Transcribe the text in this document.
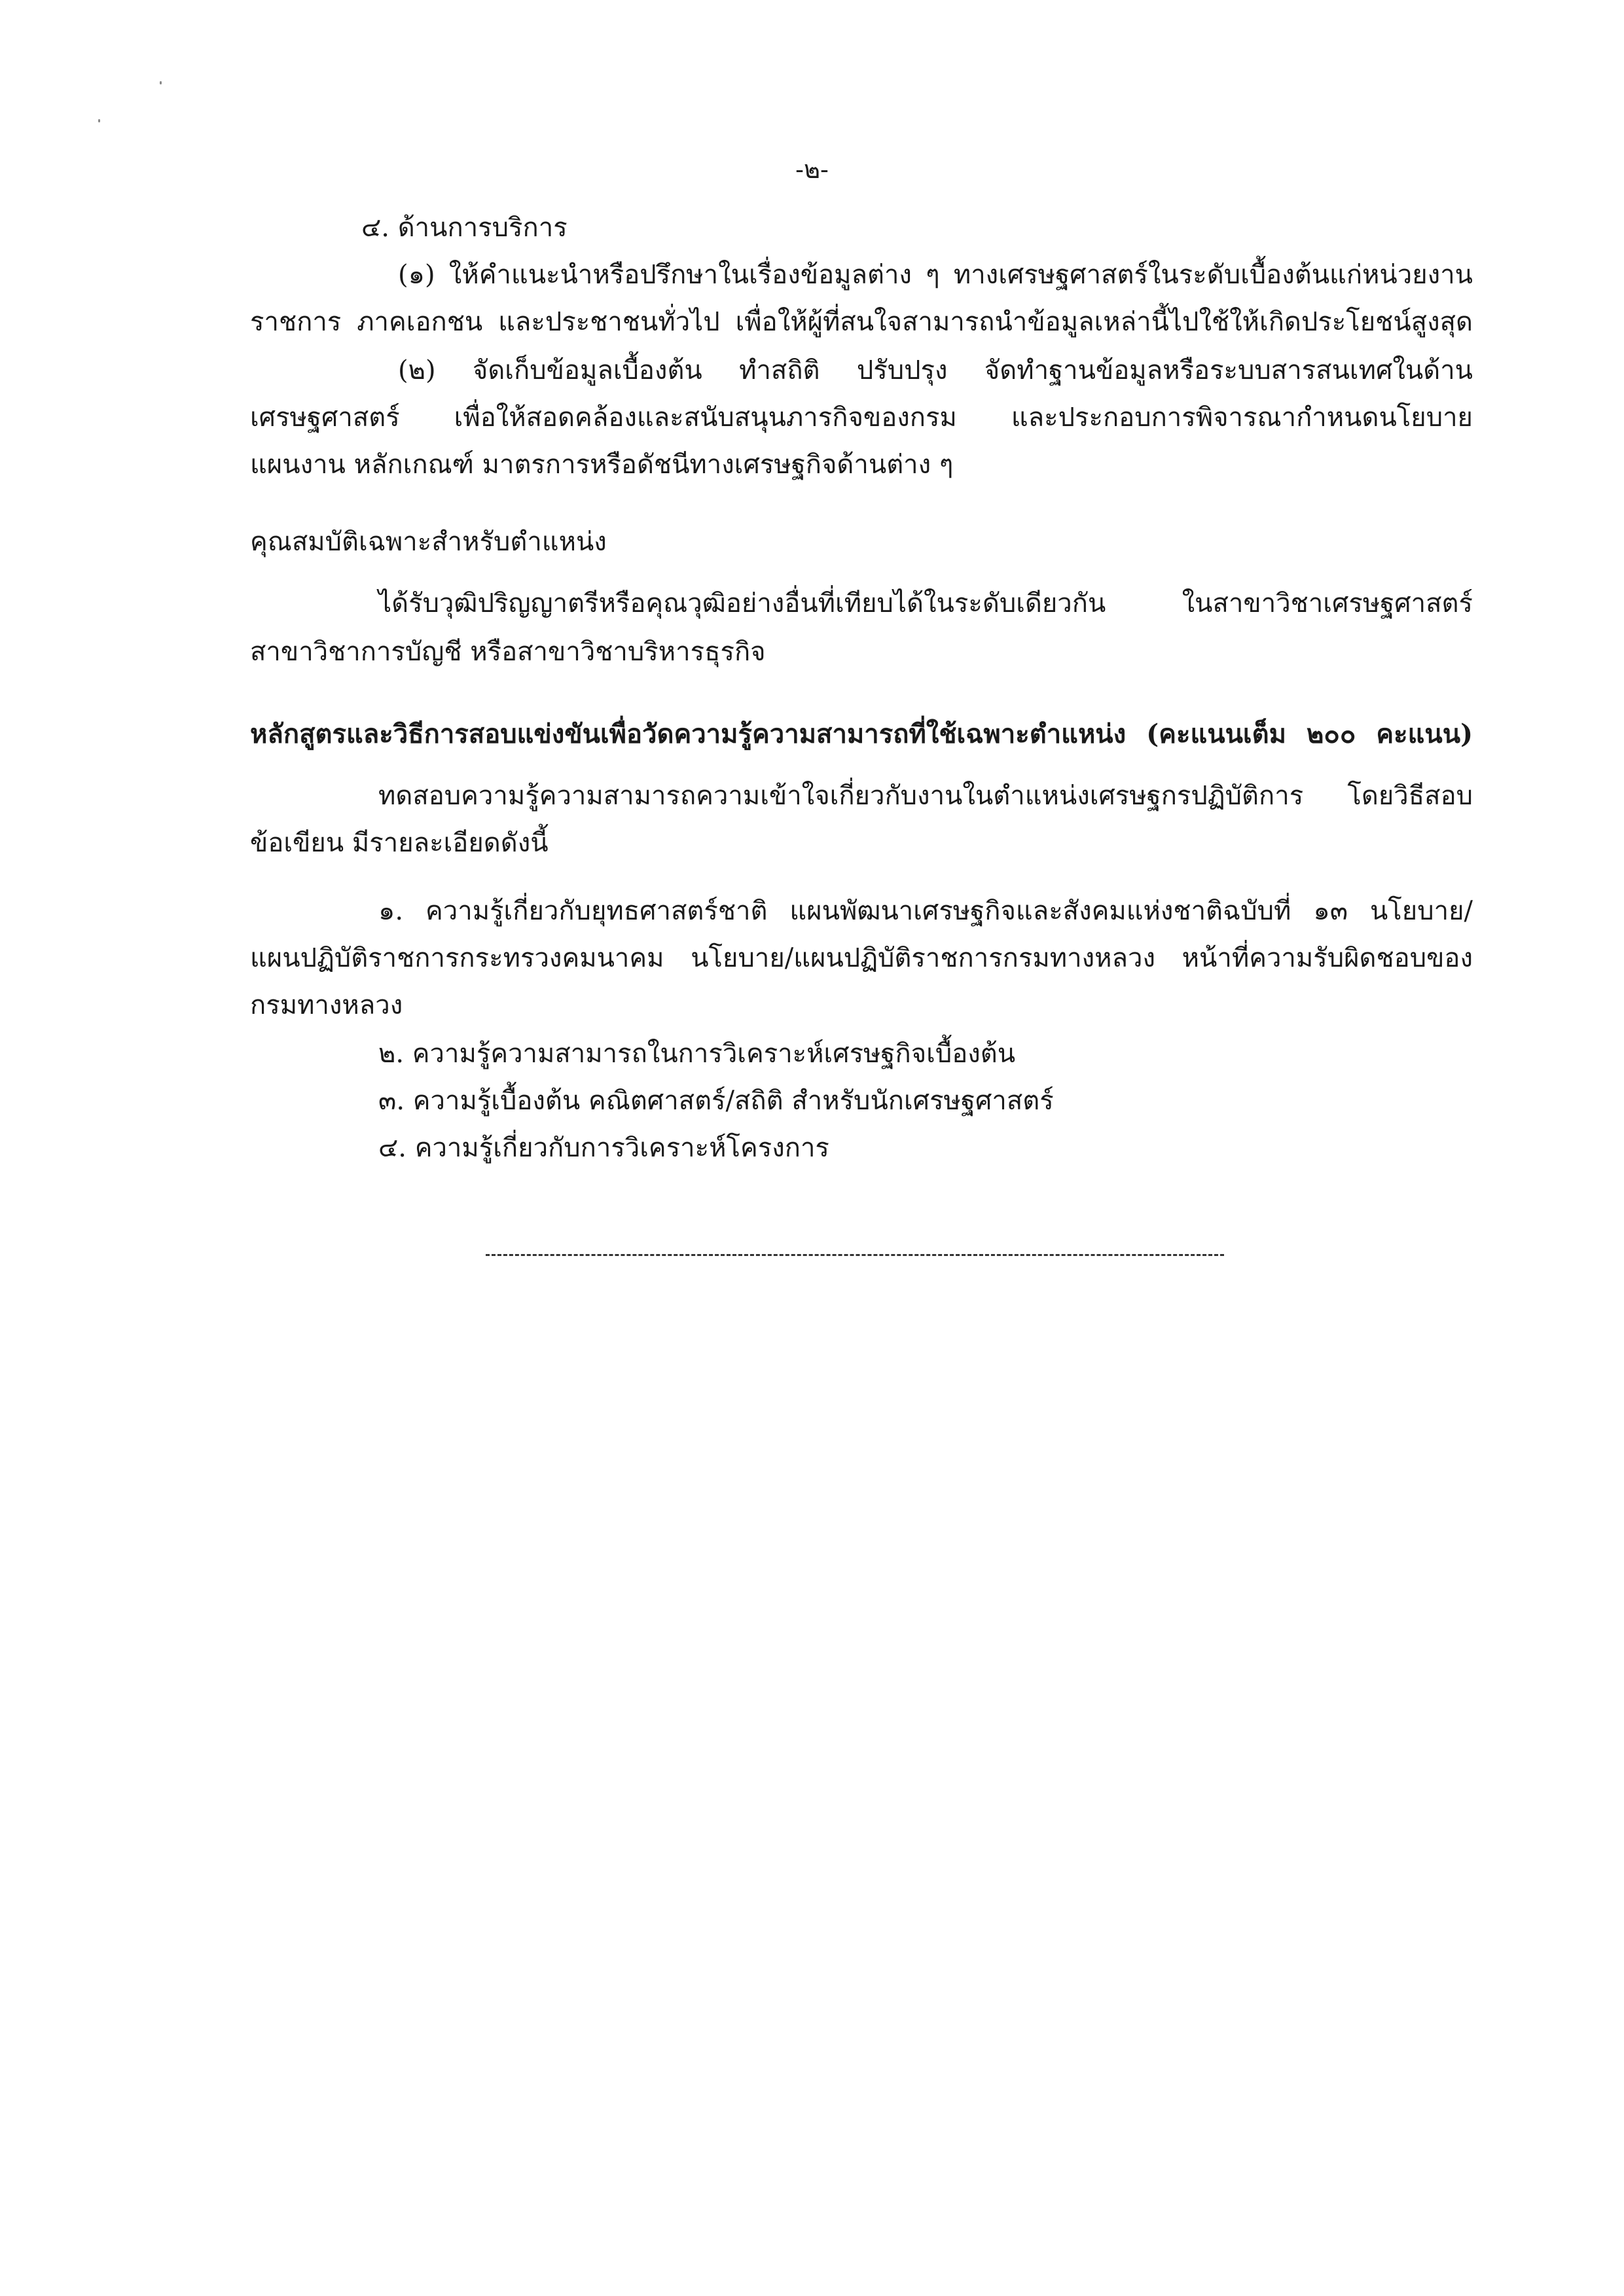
-๒-
๔. ด้านการบริการ
(๑) ให้คำแนะนำหรือปรึกษาในเรื่องข้อมูลต่าง ๆ ทางเศรษฐศาสตร์ในระดับเบื้องต้นแก่หน่วยงาน
ราชการ ภาคเอกชน และประชาชนทั่วไป เพื่อให้ผู้ที่สนใจสามารถนำข้อมูลเหล่านี้ไปใช้ให้เกิดประโยชน์สูงสุด
(๒) จัดเก็บข้อมูลเบื้องต้น ทำสถิติ ปรับปรุง จัดทำฐานข้อมูลหรือระบบสารสนเทศในด้าน
เศรษฐศาสตร์ เพื่อให้สอดคล้องและสนับสนุนภารกิจของกรม และประกอบการพิจารณากำหนดนโยบาย
แผนงาน หลักเกณฑ์ มาตรการหรือดัชนีทางเศรษฐกิจด้านต่าง ๆ
คุณสมบัติเฉพาะสำหรับตำแหน่ง
ได้รับวุฒิปริญญาตรีหรือคุณวุฒิอย่างอื่นที่เทียบได้ในระดับเดียวกัน ในสาขาวิชาเศรษฐศาสตร์
สาขาวิชาการบัญชี หรือสาขาวิชาบริหารธุรกิจ
หลักสูตรและวิธีการสอบแข่งขันเพื่อวัดความรู้ความสามารถที่ใช้เฉพาะตำแหน่ง (คะแนนเต็ม ๒๐๐ คะแนน)
ทดสอบความรู้ความสามารถความเข้าใจเกี่ยวกับงานในตำแหน่งเศรษฐกรปฏิบัติการ โดยวิธีสอบ
ข้อเขียน มีรายละเอียดดังนี้
๑. ความรู้เกี่ยวกับยุทธศาสตร์ชาติ แผนพัฒนาเศรษฐกิจและสังคมแห่งชาติฉบับที่ ๑๓ นโยบาย/
แผนปฏิบัติราชการกระทรวงคมนาคม นโยบาย/แผนปฏิบัติราชการกรมทางหลวง หน้าที่ความรับผิดชอบของ
กรมทางหลวง
๒. ความรู้ความสามารถในการวิเคราะห์เศรษฐกิจเบื้องต้น
๓. ความรู้เบื้องต้น คณิตศาสตร์/สถิติ สำหรับนักเศรษฐศาสตร์
๔. ความรู้เกี่ยวกับการวิเคราะห์โครงการ
